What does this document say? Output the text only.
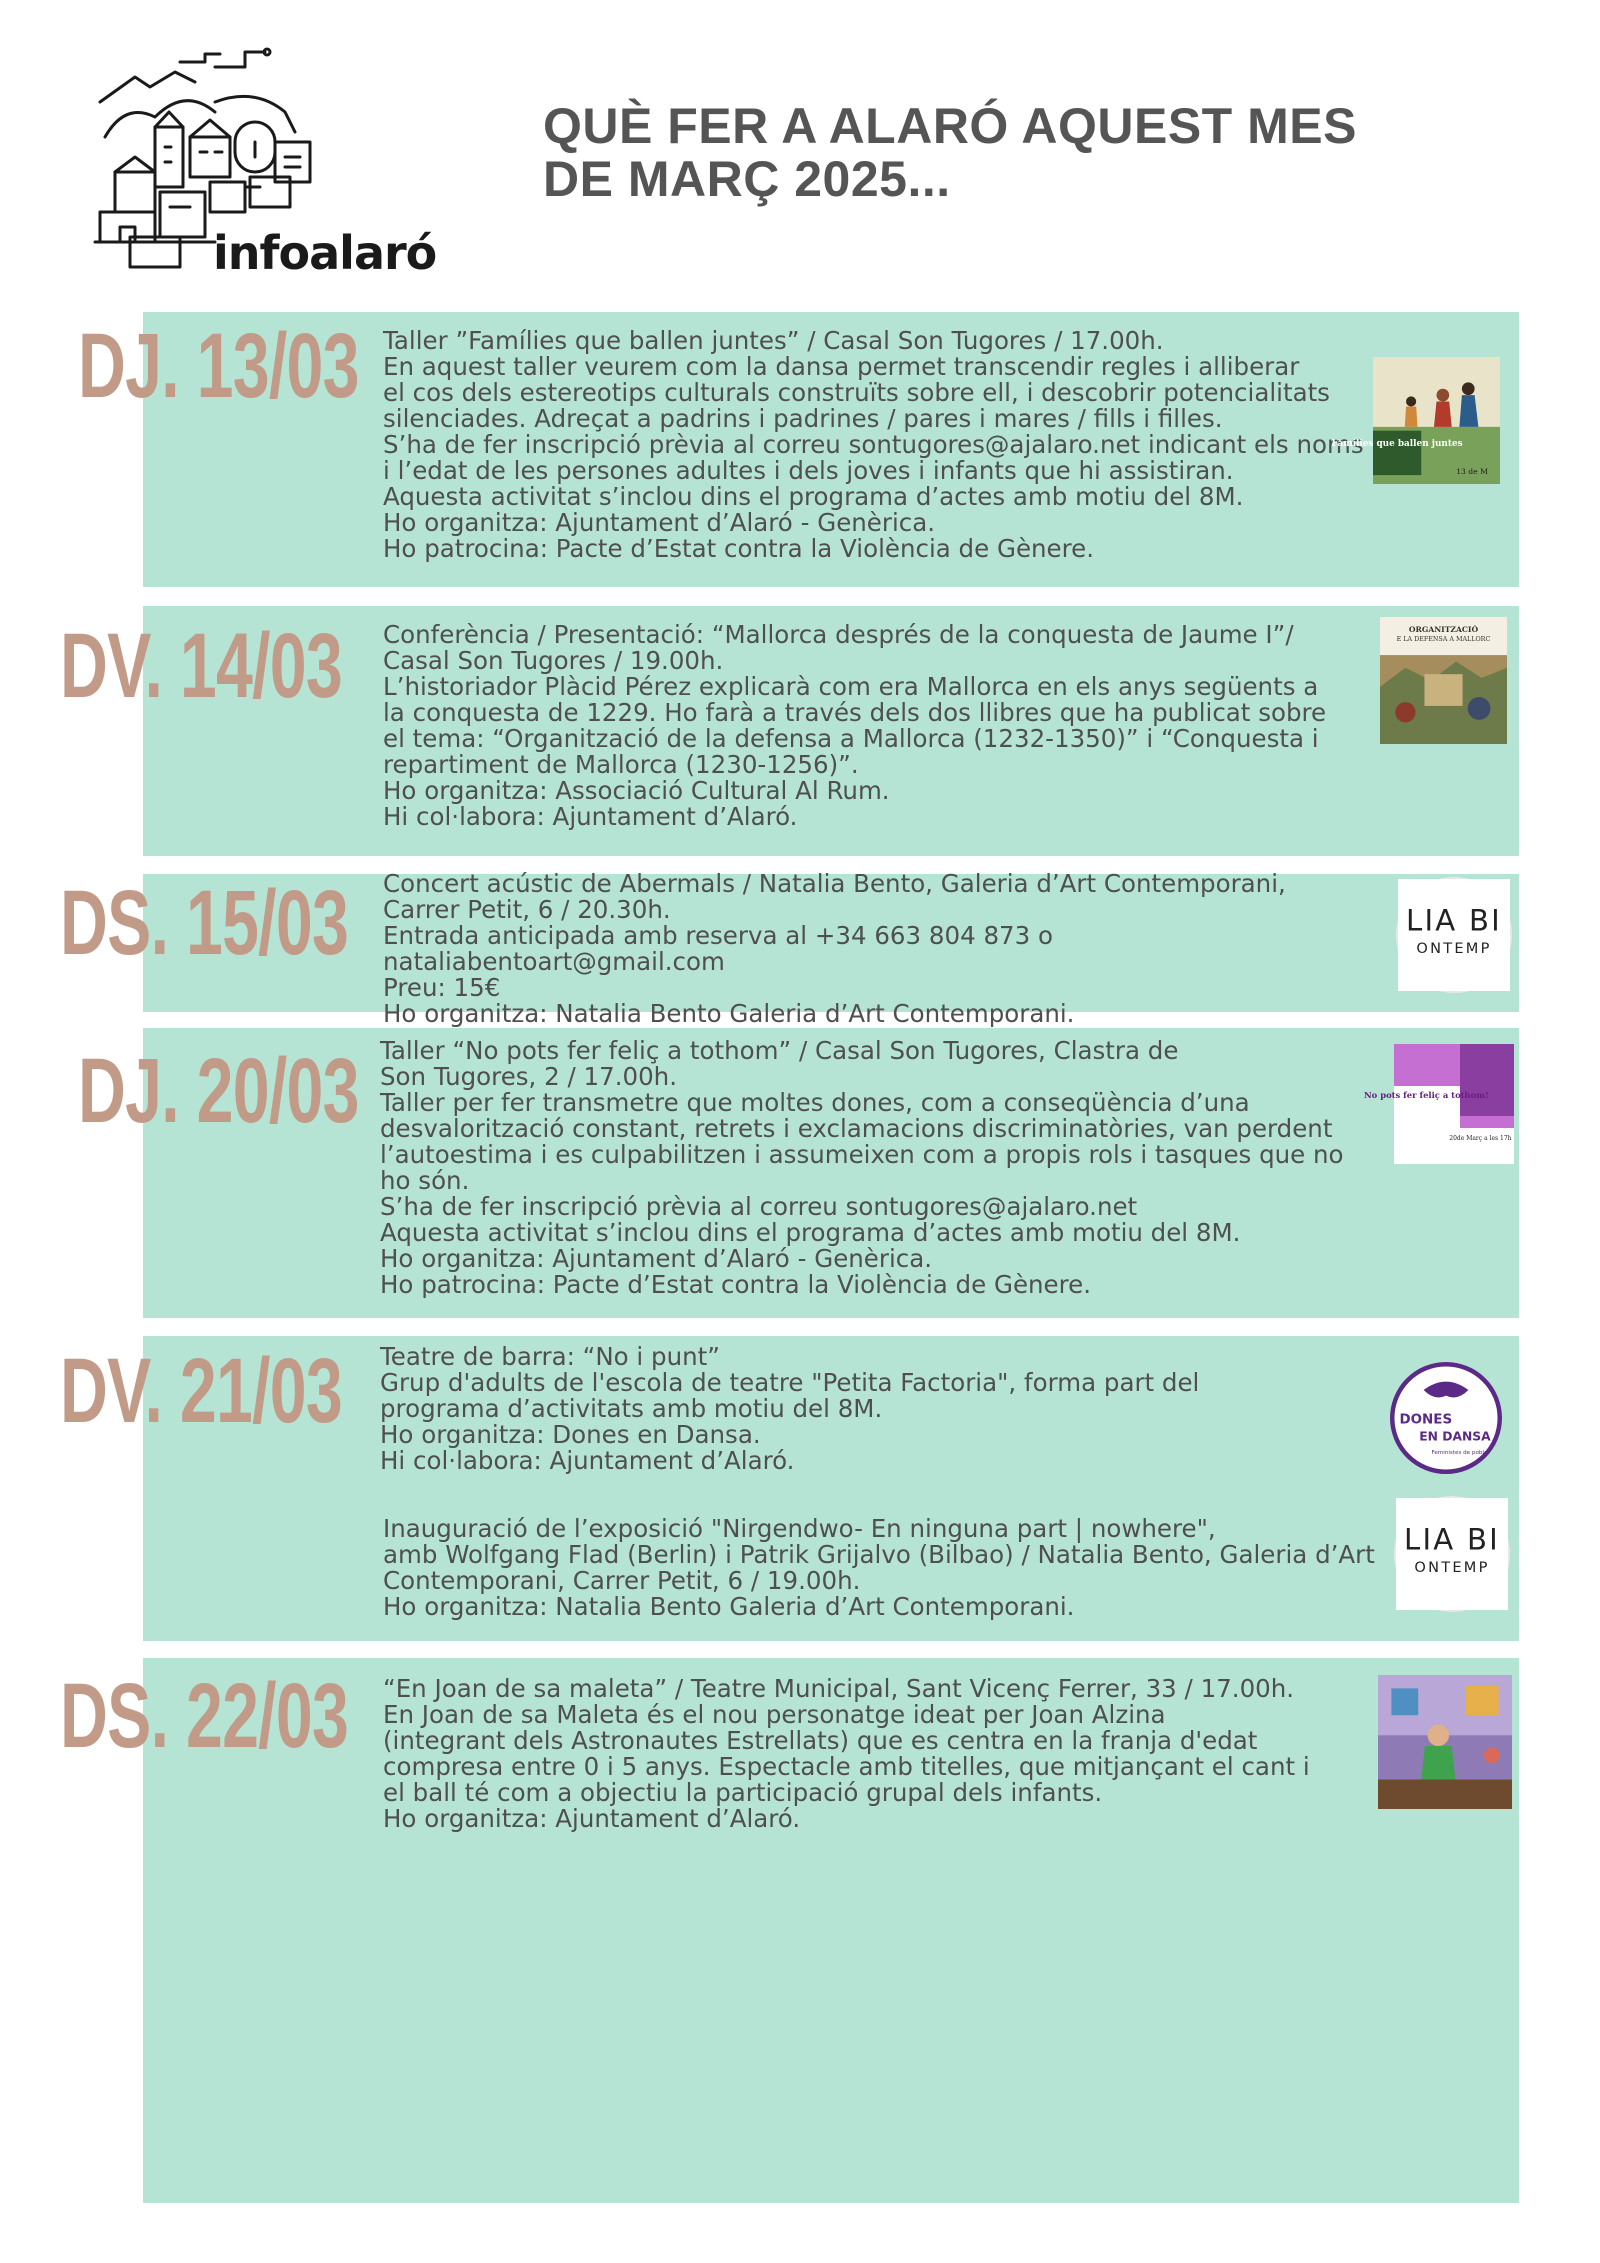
infoalaró
QUÈ FER A ALARÓ AQUEST MES
DE MARÇ 2025...
DJ. 13/03 Taller ”Famílies que ballen juntes” / Casal Son Tugores / 17.00h.
En aquest taller veurem com la dansa permet transcendir regles i alliberar
el cos dels estereotips culturals construïts sobre ell, i descobrir potencialitats
silenciades. Adreçat a padrins i padrines / pares i mares / fills i filles.
S’ha de fer inscripció prèvia al correu sontugores@ajalaro.net indicant els noms
i l’edat de les persones adultes i dels joves i infants que hi assistiran.
Aquesta activitat s’inclou dins el programa d’actes amb motiu del 8M.
Ho organitza: Ajuntament d’Alaró - Genèrica.
Ho patrocina: Pacte d’Estat contra la Violència de Gènere.
Famílies que ballen juntes
13 de M
DV. 14/03 Conferència / Presentació: “Mallorca després de la conquesta de Jaume I”/
Casal Son Tugores / 19.00h.
L’historiador Plàcid Pérez explicarà com era Mallorca en els anys següents a
la conquesta de 1229. Ho farà a través dels dos llibres que ha publicat sobre
el tema: “Organització de la defensa a Mallorca (1232-1350)” i “Conquesta i
repartiment de Mallorca (1230-1256)”.
Ho organitza: Associació Cultural Al Rum.
Hi col·labora: Ajuntament d’Alaró.
ORGANITZACIÓ
E LA DEFENSA A MALLORC
DS. 15/03 Concert acústic de Abermals / Natalia Bento, Galeria d’Art Contemporani,
Carrer Petit, 6 / 20.30h.
Entrada anticipada amb reserva al +34 663 804 873 o nataliabentoart@gmail.com
Preu: 15€
Ho organitza: Natalia Bento Galeria d’Art Contemporani.
LIA BI
ONTEMP
DJ. 20/03 Taller “No pots fer feliç a tothom” / Casal Son Tugores, Clastra de
Son Tugores, 2 / 17.00h.
Taller per fer transmetre que moltes dones, com a conseqüència d’una
desvalorització constant, retrets i exclamacions discriminatòries, van perdent
l’autoestima i es culpabilitzen i assumeixen com a propis rols i tasques que no
ho són.
S’ha de fer inscripció prèvia al correu sontugores@ajalaro.net
Aquesta activitat s’inclou dins el programa d’actes amb motiu del 8M.
Ho organitza: Ajuntament d’Alaró - Genèrica.
Ho patrocina: Pacte d’Estat contra la Violència de Gènere.
No pots fer feliç a tothom!
20de Març a les 17h
DV. 21/03 Teatre de barra: “No i punt”
Grup d'adults de l'escola de teatre "Petita Factoria", forma part del
programa d’activitats amb motiu del 8M.
Ho organitza: Dones en Dansa.
Hi col·labora: Ajuntament d’Alaró.
Inauguració de l’exposició "Nirgendwo- En ninguna part | nowhere",
amb Wolfgang Flad (Berlin) i Patrik Grijalvo (Bilbao) / Natalia Bento, Galeria d’Art
Contemporani, Carrer Petit, 6 / 19.00h.
Ho organitza: Natalia Bento Galeria d’Art Contemporani.
DONES
EN DANSA
Feministes de poble
LIA BI
ONTEMP
DS. 22/03 “En Joan de sa maleta” / Teatre Municipal, Sant Vicenç Ferrer, 33 / 17.00h.
En Joan de sa Maleta és el nou personatge ideat per Joan Alzina
(integrant dels Astronautes Estrellats) que es centra en la franja d'edat
compresa entre 0 i 5 anys. Espectacle amb titelles, que mitjançant el cant i
el ball té com a objectiu la participació grupal dels infants.
Ho organitza: Ajuntament d’Alaró.
